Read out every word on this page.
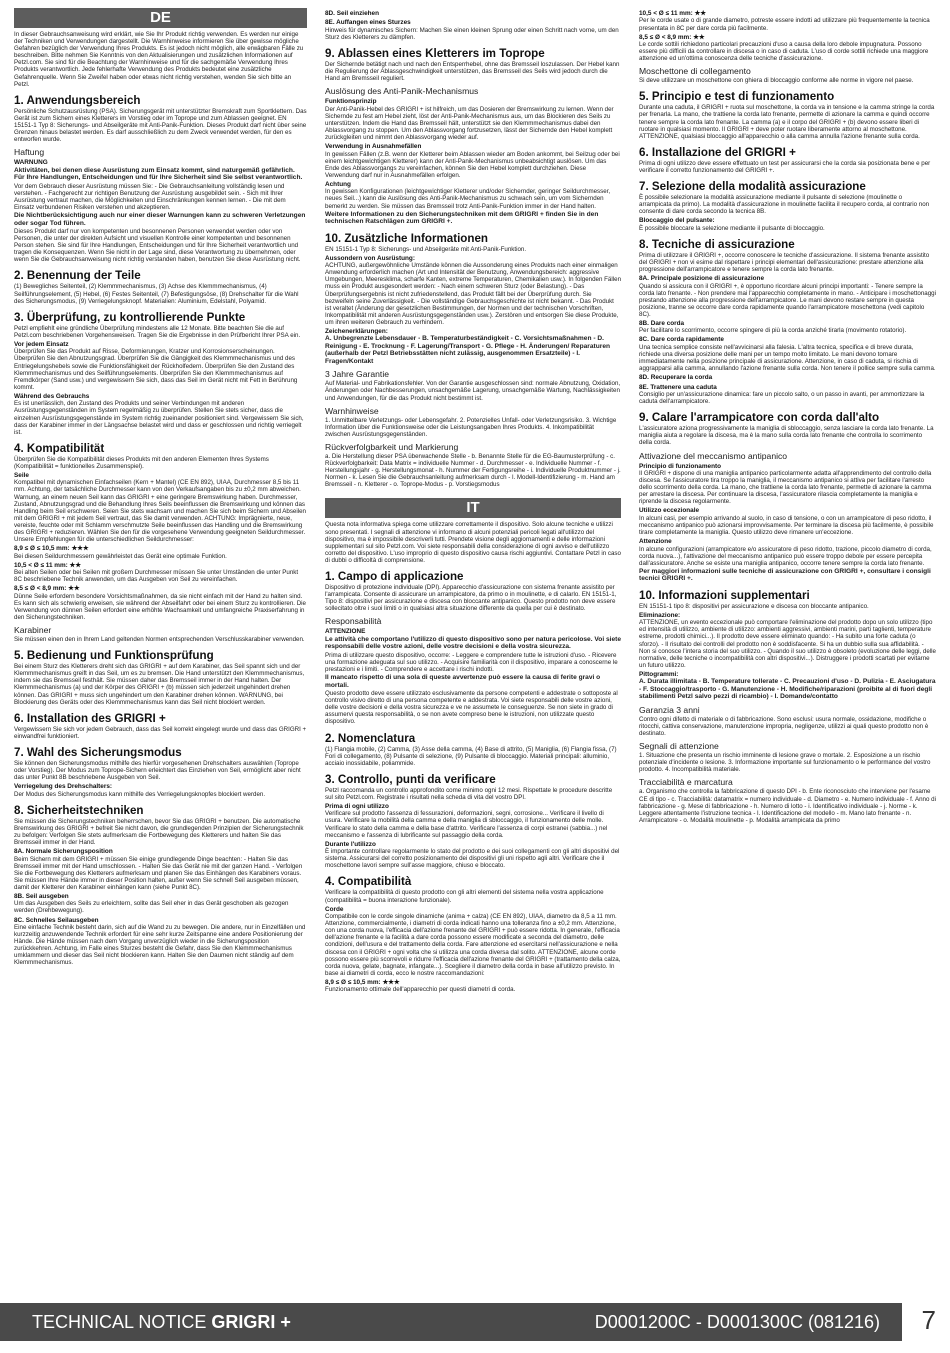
DE

In dieser Gebrauchsanweisung wird erklärt, wie Sie Ihr Produkt richtig verwenden. Es werden nur einige der Techniken und Verwendungen dargestellt. Die Warnhinweise informieren Sie über gewisse mögliche Gefahren bezüglich der Verwendung Ihres Produkts. Es ist jedoch nicht möglich, alle erwägbaren Fälle zu beschreiben. Bitte nehmen Sie Kenntnis von den Aktualisierungen und zusätzlichen Informationen auf Petzl.com. Sie sind für die Beachtung der Warnhinweise und für die sachgemäße Verwendung Ihres Produkts verantwortlich. Jede fehlerhafte Verwendung des Produkts bedeutet eine zusätzliche Gefahrenquelle. Wenn Sie Zweifel haben oder etwas nicht richtig verstehen, wenden Sie sich bitte an Petzl.

1. Anwendungsbereich

Persönliche Schutzausrüstung (PSA). Sicherungsgerät mit unterstützter Bremskraft zum Sportklettern. Das Gerät ist zum Sichern eines Kletterers im Vorstieg oder im Toprope und zum Ablassen geeignet. EN 15151-1 Typ 8: Sicherungs- und Abseilgeräte mit Anti-Panik-Funktion. Dieses Produkt darf nicht über seine Grenzen hinaus belastet werden. Es darf ausschließlich zu dem Zweck verwendet werden, für den es entworfen wurde.

Haftung
WARNUNG

Aktivitäten, bei denen diese Ausrüstung zum Einsatz kommt, sind naturgemäß gefährlich. Für Ihre Handlungen, Entscheidungen und für Ihre Sicherheit sind Sie selbst verantwortlich.

Vor dem Gebrauch dieser Ausrüstung müssen Sie: - Die Gebrauchsanleitung vollständig lesen und verstehen. - Fachgerecht zur richtigen Benutzung der Ausrüstung ausgebildet sein. - Sich mit Ihrer Ausrüstung vertraut machen, die Möglichkeiten und Einschränkungen kennen lernen. - Die mit dem Einsatz verbundenen Risiken verstehen und akzeptieren.

Die Nichtberücksichtigung auch nur einer dieser Warnungen kann zu schweren Verletzungen oder sogar Tod führen.

Dieses Produkt darf nur von kompetenten und besonnenen Personen verwendet werden oder von Personen, die unter der direkten Aufsicht und visuellen Kontrolle einer kompetenten und besonnenen Person stehen. Sie sind für Ihre Handlungen, Entscheidungen und für Ihre Sicherheit verantwortlich und tragen die Konsequenzen. Wenn Sie nicht in der Lage sind, diese Verantwortung zu übernehmen, oder wenn Sie die Gebrauchsanweisung nicht richtig verstanden haben, benutzen Sie diese Ausrüstung nicht.

2. Benennung der Teile

(1) Bewegliches Seitenteil, (2) Klemmmechanismus, (3) Achse des Klemmmechanismus, (4) Seilführungselement, (5) Hebel, (6) Festes Seitenteil, (7) Befestigungsöse, (8) Drehschalter für die Wahl des Sicherungsmodus, (9) Verriegelungsknopf. Materialien: Aluminium, Edelstahl, Polyamid.

3. Überprüfung, zu kontrollierende Punkte

Petzl empfiehlt eine gründliche Überprüfung mindestens alle 12 Monate. Bitte beachten Sie die auf Petzl.com beschriebenen Vorgehensweisen. Tragen Sie die Ergebnisse in den Prüfbericht Ihrer PSA ein.

Vor jedem Einsatz

Überprüfen Sie das Produkt auf Risse, Deformierungen, Kratzer und Korrosionserscheinungen. Überprüfen Sie den Abnutzungsgrad. Überprüfen Sie die Gängigkeit des Klemmmechanismus und des Entriegelungshebels sowie die Funktionsfähigkeit der Rückholfedern. Überprüfen Sie den Zustand des Klemmmechanismus und des Seilführungselements. Überprüfen Sie den Klemmmechanismus auf Fremdkörper (Sand usw.) und vergewissern Sie sich, dass das Seil im Gerät nicht mit Fett in Berührung kommt.

Während des Gebrauchs

Es ist unerlässlich, den Zustand des Produkts und seiner Verbindungen mit anderen Ausrüstungsgegenständen im System regelmäßig zu überprüfen. Stellen Sie stets sicher, dass die einzelnen Ausrüstungsgegenstände im System richtig zueinander positioniert sind. Vergewissern Sie sich, dass der Karabiner immer in der Längsachse belastet wird und dass er geschlossen und richtig verriegelt ist.

4. Kompatibilität

Überprüfen Sie die Kompatibilität dieses Produkts mit den anderen Elementen Ihres Systems (Kompatibilität = funktionelles Zusammenspiel).

Seile

Kompatibel mit dynamischen Einfachseilen (Kern + Mantel) (CE EN 892), UIAA, Durchmesser 8,5 bis 11 mm. Achtung, der tatsächliche Durchmesser kann von den Verkaufsangaben bis zu ±0,2 mm abweichen. Warnung, an einem neuen Seil kann das GRIGRI + eine geringere Bremswirkung haben. Durchmesser, Zustand, Abnutzungsgrad und die Behandlung Ihres Seils beeinflussen die Bremswirkung und können das Handling beim Seil erschweren. Seien Sie stets wachsam und machen Sie sich beim Sichern und Abseilen mit dem GRIGRI + mit jedem Seil vertraut, das Sie damit verwenden. ACHTUNG: Imprägnierte, neue, vereiste, feuchte oder mit Schlamm verschmutzte Seile beeinflussen das Handling und die Bremswirkung des GRIGRI + reduzieren. Wählen Sie den für die vorgesehene Verwendung geeigneten Seildurchmesser. Unsere Empfehlungen für die unterschiedlichen Seildurchmesser:

8,9 ≤ Ø ≤ 10,5 mm: ★★★

Bei diesen Seildurchmessern gewährleistet das Gerät eine optimale Funktion.

10,5 < Ø ≤ 11 mm: ★★

Bei alten Seilen oder bei Seilen mit großem Durchmesser müssen Sie unter Umständen die unter Punkt 8C beschriebene Technik anwenden, um das Ausgeben von Seil zu vereinfachen.

8,5 ≤ Ø < 8,9 mm: ★★

Dünne Seile erfordern besondere Vorsichtsmaßnahmen, da sie nicht einfach mit der Hand zu halten sind. Es kann sich als schwierig erweisen, sie während der Abseilfahrt oder bei einem Sturz zu kontrollieren. Die Verwendung von dünnen Seilen erfordert eine erhöhte Wachsamkeit und umfangreiche Praxiserfahrung in den Sicherungstechniken.

Karabiner

Sie müssen einen den in Ihrem Land geltenden Normen entsprechenden Verschlusskarabiner verwenden.

5. Bedienung und Funktionsprüfung

Bei einem Sturz des Kletterers dreht sich das GRIGRI + auf dem Karabiner, das Seil spannt sich und der Klemmmechanismus greift in das Seil, um es zu bremsen. Die Hand unterstützt den Klemmmechanismus, indem sie das Bremsseil festhält. Sie müssen daher das Bremsseil immer in der Hand halten. Der Klemmmechanismus (a) und der Körper des GRIGRI + (b) müssen sich jederzeit ungehindert drehen können. Das GRIGRI + muss sich ungehindert um den Karabiner drehen können. WARNUNG, bei Blockierung des Geräts oder des Klemmmechanismus kann das Seil nicht blockiert werden.

6. Installation des GRIGRI +

Vergewissern Sie sich vor jedem Gebrauch, dass das Seil korrekt eingelegt wurde und dass das GRIGRI + einwandfrei funktioniert.

7. Wahl des Sicherungsmodus

Sie können den Sicherungsmodus mithilfe des hierfür vorgesehenen Drehschalters auswählen (Toprope oder Vorstieg). Der Modus zum Toprope-Sichern erleichtert das Einziehen von Seil, ermöglicht aber nicht das unter Punkt 8B beschriebene Ausgeben von Seil.

Verriegelung des Drehschalters:

Der Modus des Sicherungsmodus kann mithilfe des Verriegelungsknopfes blockiert werden.

8. Sicherheitstechniken

Sie müssen die Sicherungstechniken beherrschen, bevor Sie das GRIGRI + benutzen. Die automatische Bremswirkung des GRIGRI + befreit Sie nicht davon, die grundlegenden Prinzipien der Sicherungstechnik zu befolgen: Verfolgen Sie stets aufmerksam die Fortbewegung des Kletterers und halten Sie das Bremsseil immer in der Hand.

8A. Normale Sicherungsposition

Beim Sichern mit dem GRIGRI + müssen Sie einige grundlegende Dinge beachten: - Halten Sie das Bremsseil immer mit der Hand umschlossen. - Halten Sie das Gerät nie mit der ganzen Hand. - Verfolgen Sie die Fortbewegung des Kletterers aufmerksam und planen Sie das Einhängen des Karabiners voraus. Sie müssen Ihre Hände immer in dieser Position halten, außer wenn Sie schnell Seil ausgeben müssen, damit der Kletterer den Karabiner einhängen kann (siehe Punkt 8C).

8B. Seil ausgeben

Um das Ausgeben des Seils zu erleichtern, sollte das Seil eher in das Gerät geschoben als gezogen werden (Drehbewegung).

8C. Schnelles Seilausgeben

Eine einfache Technik besteht darin, sich auf die Wand zu zu bewegen. Die andere, nur in Einzelfällen und kurzzeitig anzuwendende Technik erfordert für eine sehr kurze Zeitspanne eine andere Positionierung der Hände. Die Hände müssen nach dem Vorgang unverzüglich wieder in die Sicherungsposition zurückkehren. Achtung, im Falle eines Sturzes besteht die Gefahr, dass Sie den Klemmmechanismus umklammern und dieser das Seil nicht blockieren kann. Halten Sie den Daumen nicht ständig auf dem Klemmmechanismus.

8D. Seil einziehen
8E. Auffangen eines Sturzes

Hinweis für dynamisches Sichern: Machen Sie einen kleinen Sprung oder einen Schritt nach vorne, um den Sturz des Kletterers zu dämpfen.

9. Ablassen eines Kletterers im Toprope

Der Sichernde betätigt nach und nach den Entsperrhebel, ohne das Bremsseil loszulassen. Der Hebel kann die Regulierung der Ablassgeschwindigkeit unterstützen, das Bremsseil des Seils wird jedoch durch die Hand am Bremsseil reguliert.

Auslösung des Anti-Panik-Mechanismus
Funktionsprinzip

Der Anti-Panik-Hebel des GRIGRI + ist hilfreich, um das Dosieren der Bremswirkung zu lernen. Wenn der Sichernde zu fest am Hebel zieht, löst der Anti-Panik-Mechanismus aus, um das Blockieren des Seils zu unterstützen. Indem die Hand das Bremsseil hält, unterstützt sie den Klemmmechanismus dabei den Ablassvorgang zu stoppen. Um den Ablassvorgang fortzusetzen, lässt der Sichernde den Hebel komplett zurückgleiten und nimmt den Ablassvorgang wieder auf.

Verwendung in Ausnahmefällen

In gewissen Fällen (z.B. wenn der Kletterer beim Ablassen wieder am Boden ankommt, bei Seilzug oder bei einem leichtgewichtigen Kletterer) kann der Anti-Panik-Mechanismus unbeabsichtigt auslösen. Um das Ende des Ablassvorgangs zu vereinfachen, können Sie den Hebel komplett durchziehen. Diese Verwendung darf nur in Ausnahmefällen erfolgen.

Achtung

In gewissen Konfigurationen (leichtgewichtiger Kletterer und/oder Sichernder, geringer Seildurchmesser, neues Seil...) kann die Auslösung des Anti-Panik-Mechanismus zu schwach sein, um vom Sichernden bemerkt zu werden. Sie müssen das Bremsseil trotz Anti-Panik-Funktion immer in der Hand halten.

Weitere Informationen zu den Sicherungstechniken mit dem GRIGRI + finden Sie in den technischen Ratschlägen zum GRIGRI +.

10. Zusätzliche Informationen

EN 15151-1 Typ 8: Sicherungs- und Abseilgeräte mit Anti-Panik-Funktion.

Aussondern von Ausrüstung:

ACHTUNG, außergewöhnliche Umstände können die Aussonderung eines Produkts nach einer einmaligen Anwendung erforderlich machen (Art und Intensität der Benutzung, Anwendungsbereich: aggressive Umgebungen, Meeresklima, scharfe Kanten, extreme Temperaturen, Chemikalien usw.). In folgenden Fällen muss ein Produkt ausgesondert werden: - Nach einem schweren Sturz (oder Belastung). - Das Überprüfungsergebnis ist nicht zufriedenstellend, das Produkt fällt bei der Überprüfung durch. Sie bezweifeln seine Zuverlässigkeit. - Die vollständige Gebrauchsgeschichte ist nicht bekannt. - Das Produkt ist veraltet (Änderung der gesetzlichen Bestimmungen, der Normen und der technischen Vorschriften, Inkompatibilität mit anderen Ausrüstungsgegenständen usw.). Zerstören und entsorgen Sie diese Produkte, um ihren weiteren Gebrauch zu verhindern.

Zeichenerklärungen:

A. Unbegrenzte Lebensdauer - B. Temperaturbeständigkeit - C. Vorsichtsmaßnahmen - D. Reinigung - E. Trocknung - F. Lagerung/Transport - G. Pflege - H. Änderungen/ Reparaturen (außerhalb der Petzl Betriebsstätten nicht zulässig, ausgenommen Ersatzteile) - I. Fragen/Kontakt

3 Jahre Garantie

Auf Material- und Fabrikationsfehler. Von der Garantie ausgeschlossen sind: normale Abnutzung, Oxidation, Änderungen oder Nachbesserungen, unsachgemäße Lagerung, unsachgemäße Wartung, Nachlässigkeiten und Anwendungen, für die das Produkt nicht bestimmt ist.

Warnhinweise

1. Unmittelbare Verletzungs- oder Lebensgefahr. 2. Potenzielles Unfall- oder Verletzungsrisiko. 3. Wichtige Information über die Funktionsweise oder die Leistungsangaben Ihres Produkts. 4. Inkompatibilität zwischen Ausrüstungsgegenständen.

Rückverfolgbarkeit und Markierung

a. Die Herstellung dieser PSA überwachende Stelle - b. Benannte Stelle für die EG-Baumusterprüfung - c. Rückverfolgbarkeit: Data Matrix = individuelle Nummer - d. Durchmesser - e. Individuelle Nummer - f. Herstellungsjahr - g. Herstellungsmonat - h. Nummer der Fertigungsreihe - i. Individuelle Produktnummer - j. Normen - k. Lesen Sie die Gebrauchsanleitung aufmerksam durch - l. Modell-Identifizierung - m. Hand am Bremsseil - n. Kletterer - o. Toprope-Modus - p. Vorstiegsmodus

IT

Questa nota informativa spiega come utilizzare correttamente il dispositivo. Solo alcune tecniche e utilizzi sono presentati. I segnali di attenzione vi informano di alcuni potenziali pericoli legati all'utilizzo del dispositivo, ma è impossibile descriverli tutti. Prendete visione degli aggiornamenti e delle informazioni supplementari sul sito Petzl.com. Voi siete responsabili della considerazione di ogni avviso e dell'utilizzo corretto del dispositivo. L'uso improprio di questo dispositivo causa rischi aggiuntivi. Contattare Petzl in caso di dubbi o difficoltà di comprensione.

1. Campo di applicazione

Dispositivo di protezione individuale (DPI). Apparecchio d'assicurazione con sistema frenante assistito per l'arrampicata. Consente di assicurare un arrampicatore, da primo o in moulinette, e di calarlo. EN 15151-1, Tipo 8: dispositivi per assicurazione e discesa con bloccante antipanico. Questo prodotto non deve essere sollecitato oltre i suoi limiti o in qualsiasi altra situazione differente da quella per cui è destinato.

Responsabilità
ATTENZIONE

Le attività che comportano l'utilizzo di questo dispositivo sono per natura pericolose. Voi siete responsabili delle vostre azioni, delle vostre decisioni e della vostra sicurezza.

Prima di utilizzare questo dispositivo, occorre: - Leggere e comprendere tutte le istruzioni d'uso. - Ricevere una formazione adeguata sul suo utilizzo. - Acquisire familiarità con il dispositivo, imparare a conoscerne le prestazioni e i limiti. - Comprendere e accettare i rischi indotti.

Il mancato rispetto di una sola di queste avvertenze può essere la causa di ferite gravi o mortali.

Questo prodotto deve essere utilizzato esclusivamente da persone competenti e addestrate o sottoposte al controllo visivo diretto di una persona competente e addestrata. Voi siete responsabili delle vostre azioni, delle vostre decisioni e della vostra sicurezza e ve ne assumete le conseguenze. Se non siete in grado di assumervi questa responsabilità, o se non avete compreso bene le istruzioni, non utilizzate questo dispositivo.

2. Nomenclatura

(1) Flangia mobile, (2) Camma, (3) Asse della camma, (4) Base di attrito, (5) Maniglia, (6) Flangia fissa, (7) Fori di collegamento, (8) Pulsante di selezione, (9) Pulsante di bloccaggio. Materiali principali: alluminio, acciaio inossidabile, poliammide.

3. Controllo, punti da verificare

Petzl raccomanda un controllo approfondito come minimo ogni 12 mesi. Rispettate le procedure descritte sul sito Petzl.com. Registrate i risultati nella scheda di vita del vostro DPI.

Prima di ogni utilizzo

Verificare sul prodotto l'assenza di fessurazioni, deformazioni, segni, corrosione... Verificare il livello di usura. Verificare la mobilità della camma e della maniglia di sbloccaggio, il funzionamento delle molle. Verificare lo stato della camma e della base d'attrito. Verificare l'assenza di corpi estranei (sabbia...) nel meccanismo e l'assenza di lubrificante sul passaggio della corda.

Durante l'utilizzo

È importante controllare regolarmente lo stato del prodotto e dei suoi collegamenti con gli altri dispositivi del sistema. Assicurarsi del corretto posizionamento dei dispositivi gli uni rispetto agli altri. Verificare che il moschettone lavori sempre sull'asse maggiore, chiuso e bloccato.

4. Compatibilità

Verificare la compatibilità di questo prodotto con gli altri elementi del sistema nella vostra applicazione (compatibilità = buona interazione funzionale).

Corde

Compatibile con le corde singole dinamiche (anima + calza) (CE EN 892), UIAA, diametro da 8,5 a 11 mm. Attenzione, commercialmente, i diametri di corda indicati hanno una tolleranza fino a ±0,2 mm. Attenzione, con una corda nuova, l'efficacia dell'azione frenante del GRIGRI + può essere ridotta. In generale, l'efficacia dell'azione frenante e la facilità a dare corda possono essere modificate a seconda del diametro, delle condizioni, dell'usura e del trattamento della corda. Fare attenzione ed esercitarsi nell'assicurazione e nella discesa con il GRIGRI + ogni volta che si utilizza una corda diversa dal solito. ATTENZIONE, alcune corde possono essere più scorrevoli e ridurre l'efficacia dell'azione frenante del GRIGRI + (trattamento della calza, corda nuova, gelate, bagnate, infangate...). Scegliere il diametro della corda in base all'utilizzo previsto. In base ai diametri di corda, ecco le nostre raccomandazioni:

8,9 ≤ Ø ≤ 10,5 mm: ★★★

Funzionamento ottimale dell'apparecchio per questi diametri di corda.

10,5 < Ø ≤ 11 mm: ★★

Per le corde usate o di grande diametro, potreste essere indotti ad utilizzare più frequentemente la tecnica presentata in 8C per dare corda più facilmente.

8,5 ≤ Ø < 8,9 mm: ★★

Le corde sottili richiedono particolari precauzioni d'uso a causa della loro debole impugnatura. Possono essere più difficili da controllare in discesa o in caso di caduta. L'uso di corde sottili richiede una maggiore attenzione ed un'ottima conoscenza delle tecniche d'assicurazione.

Moschettone di collegamento

Si deve utilizzare un moschettone con ghiera di bloccaggio conforme alle norme in vigore nel paese.

5. Principio e test di funzionamento

Durante una caduta, il GRIGRI + ruota sul moschettone, la corda va in tensione e la camma stringe la corda per frenarla. La mano, che trattiene la corda lato frenante, permette di azionare la camma e quindi occorre tenere sempre la corda lato frenante. La camma (a) e il corpo del GRIGRI + (b) devono essere liberi di ruotare in qualsiasi momento. Il GRIGRI + deve poter ruotare liberamente attorno al moschettone. ATTENZIONE, qualsiasi bloccaggio all'apparecchio o alla camma annulla l'azione frenante sulla corda.

6. Installazione del GRIGRI +

Prima di ogni utilizzo deve essere effettuato un test per assicurarsi che la corda sia posizionata bene e per verificare il corretto funzionamento del GRIGRI +.

7. Selezione della modalità assicurazione

È possibile selezionare la modalità assicurazione mediante il pulsante di selezione (moulinette o arrampicata da primo). La modalità d'assicurazione in moulinette facilita il recupero corda, al contrario non consente di dare corda secondo la tecnica 8B.

Bloccaggio del pulsante:

È possibile bloccare la selezione mediante il pulsante di bloccaggio.

8. Tecniche di assicurazione

Prima di utilizzare il GRIGRI +, occorre conoscere le tecniche d'assicurazione. Il sistema frenante assistito del GRIGRI + non vi esime dal rispettare i principi elementari dell'assicurazione: prestare attenzione alla progressione dell'arrampicatore e tenere sempre la corda lato frenante.

8A. Principale posizione di assicurazione

Quando si assicura con il GRIGRI +, è opportuno ricordare alcuni principi importanti: - Tenere sempre la corda lato frenante. - Non prendere mai l'apparecchio completamente in mano. - Anticipare i moschettonaggi prestando attenzione alla progressione dell'arrampicatore. Le mani devono restare sempre in questa posizione, tranne se occorre dare corda rapidamente quando l'arrampicatore moschettona (vedi capitolo 8C).

8B. Dare corda

Per facilitare lo scorrimento, occorre spingere di più la corda anziché tirarla (movimento rotatorio).

8C. Dare corda rapidamente

Una tecnica semplice consiste nell'avvicinarsi alla falesia. L'altra tecnica, specifica e di breve durata, richiede una diversa posizione delle mani per un tempo molto limitato. Le mani devono tornare immediatamente nella posizione principale di assicurazione. Attenzione, in caso di caduta, si rischia di aggrapparsi alla camma, annullando l'azione frenante sulla corda. Non tenere il pollice sempre sulla camma.

8D. Recuperare la corda
8E. Trattenere una caduta

Consiglio per un'assicurazione dinamica: fare un piccolo salto, o un passo in avanti, per ammortizzare la caduta dell'arrampicatore.

9. Calare l'arrampicatore con corda dall'alto

L'assicuratore aziona progressivamente la maniglia di sbloccaggio, senza lasciare la corda lato frenante. La maniglia aiuta a regolare la discesa, ma è la mano sulla corda lato frenante che controlla lo scorrimento della corda.

Attivazione del meccanismo antipanico
Principio di funzionamento

Il GRIGRI + dispone di una maniglia antipanico particolarmente adatta all'apprendimento del controllo della discesa. Se l'assicuratore tira troppo la maniglia, il meccanismo antipanico si attiva per facilitare l'arresto dello scorrimento della corda. La mano, che trattiene la corda lato frenante, permette di azionare la camma per arrestare la discesa. Per continuare la discesa, l'assicuratore rilascia completamente la maniglia e riprende la discesa regolarmente.

Utilizzo eccezionale

In alcuni casi, per esempio arrivando al suolo, in caso di tensione, o con un arrampicatore di peso ridotto, il meccanismo antipanico può azionarsi improvvisamente. Per terminare la discesa più facilmente, è possibile tirare completamente la maniglia. Questo utilizzo deve rimanere un'eccezione.

Attenzione

In alcune configurazioni (arrampicatore e/o assicuratore di peso ridotto, trazione, piccolo diametro di corda, corda nuova...), l'attivazione del meccanismo antipanico può essere troppo debole per essere percepita dall'assicuratore. Anche se esiste una maniglia antipanico, occorre tenere sempre la corda lato frenante.

Per maggiori informazioni sulle tecniche di assicurazione con GRIGRI +, consultare i consigli tecnici GRIGRI +.

10. Informazioni supplementari

EN 15151-1 tipo 8: dispositivi per assicurazione e discesa con bloccante antipanico.

Eliminazione:

ATTENZIONE, un evento eccezionale può comportare l'eliminazione del prodotto dopo un solo utilizzo (tipo ed intensità di utilizzo, ambiente di utilizzo: ambienti aggressivi, ambienti marini, parti taglienti, temperature estreme, prodotti chimici...). Il prodotto deve essere eliminato quando: - Ha subito una forte caduta (o sforzo). - Il risultato dei controlli del prodotto non è soddisfacente. Si ha un dubbio sulla sua affidabilità. - Non si conosce l'intera storia del suo utilizzo. - Quando il suo utilizzo è obsoleto (evoluzione delle leggi, delle normative, delle tecniche o incompatibilità con altri dispositivi...). Distruggere i prodotti scartati per evitarne un futuro utilizzo.

Pittogrammi:

A. Durata illimitata - B. Temperature tollerate - C. Precauzioni d'uso - D. Pulizia - E. Asciugatura - F. Stoccaggio/trasporto - G. Manutenzione - H. Modifiche/riparazioni (proibite al di fuori degli stabilimenti Petzl salvo pezzi di ricambio) - I. Domande/contatto

Garanzia 3 anni

Contro ogni difetto di materiale o di fabbricazione. Sono esclusi: usura normale, ossidazione, modifiche o ritocchi, cattiva conservazione, manutenzione impropria, negligenze, utilizzi ai quali questo prodotto non è destinato.

Segnali di attenzione

1. Situazione che presenta un rischio imminente di lesione grave o mortale. 2. Esposizione a un rischio potenziale d'incidente o lesione. 3. Informazione importante sul funzionamento o le performance del vostro prodotto. 4. Incompatibilità materiale.

Tracciabilità e marcatura

a. Organismo che controlla la fabbricazione di questo DPI - b. Ente riconosciuto che interviene per l'esame CE di tipo - c. Tracciabilità: datamatrix = numero individuale - d. Diametro - e. Numero individuale - f. Anno di fabbricazione - g. Mese di fabbricazione - h. Numero di lotto - i. Identificativo individuale - j. Norme - k. Leggere attentamente l'istruzione tecnica - l. Identificazione del modello - m. Mano lato frenante - n. Arrampicatore - o. Modalità moulinette - p. Modalità arrampicata da primo

TECHNICAL NOTICE GRIGRI +	D0001200C - D0001300C (081216) 7
